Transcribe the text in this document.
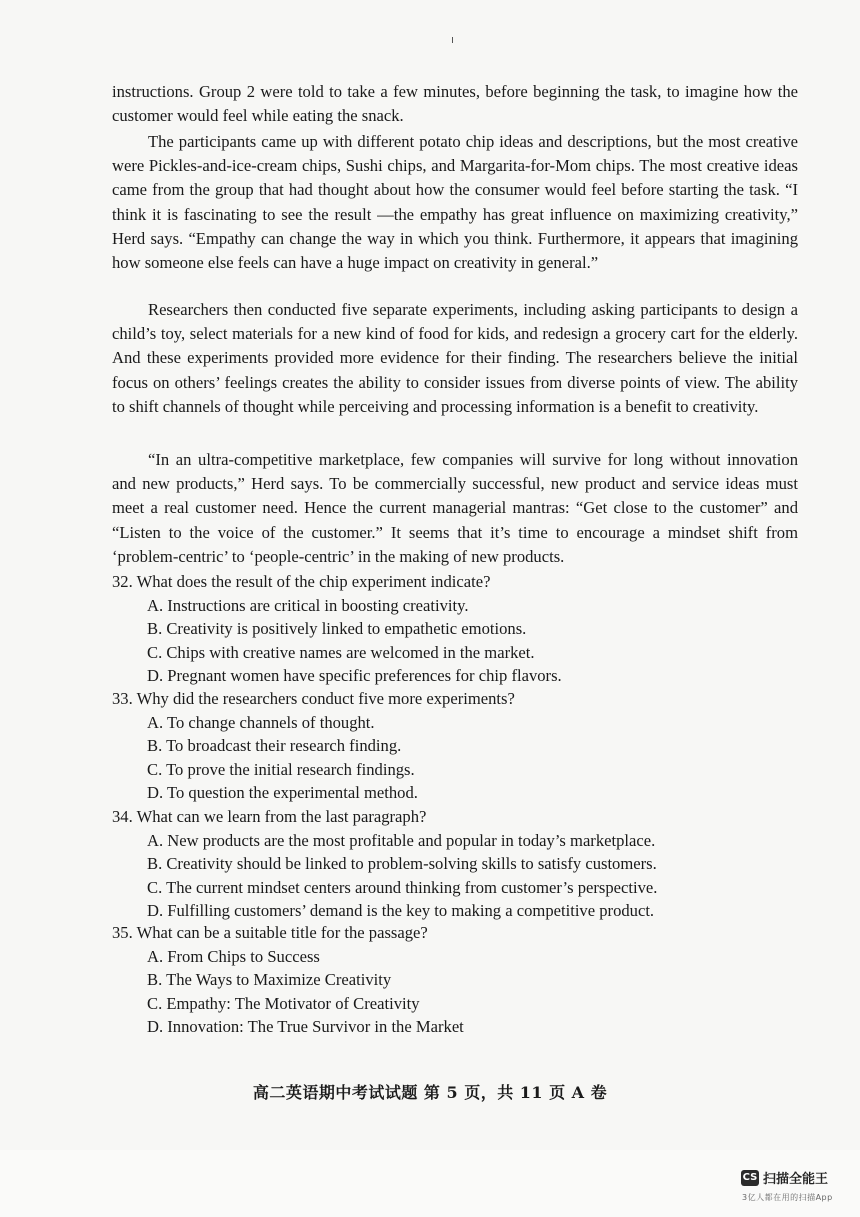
instructions. Group 2 were told to take a few minutes, before beginning the task, to imagine how the customer would feel while eating the snack.

The participants came up with different potato chip ideas and descriptions, but the most creative were Pickles-and-ice-cream chips, Sushi chips, and Margarita-for-Mom chips. The most creative ideas came from the group that had thought about how the consumer would feel before starting the task. “I think it is fascinating to see the result —the empathy has great influence on maximizing creativity,” Herd says. “Empathy can change the way in which you think. Furthermore, it appears that imagining how someone else feels can have a huge impact on creativity in general.”

Researchers then conducted five separate experiments, including asking participants to design a child’s toy, select materials for a new kind of food for kids, and redesign a grocery cart for the elderly. And these experiments provided more evidence for their finding. The researchers believe the initial focus on others’ feelings creates the ability to consider issues from diverse points of view. The ability to shift channels of thought while perceiving and processing information is a benefit to creativity.

“In an ultra-competitive marketplace, few companies will survive for long without innovation and new products,” Herd says. To be commercially successful, new product and service ideas must meet a real customer need. Hence the current managerial mantras: “Get close to the customer” and “Listen to the voice of the customer.” It seems that it’s time to encourage a mindset shift from ‘problem-centric’ to ‘people-centric’ in the making of new products.

32. What does the result of the chip experiment indicate?

A. Instructions are critical in boosting creativity.
B. Creativity is positively linked to empathetic emotions.
C. Chips with creative names are welcomed in the market.
D. Pregnant women have specific preferences for chip flavors.

33. Why did the researchers conduct five more experiments?

A. To change channels of thought.
B. To broadcast their research finding.
C. To prove the initial research findings.
D. To question the experimental method.

34. What can we learn from the last paragraph?

A. New products are the most profitable and popular in today’s marketplace.
B. Creativity should be linked to problem-solving skills to satisfy customers.
C. The current mindset centers around thinking from customer’s perspective.
D. Fulfilling customers’ demand is the key to making a competitive product.

35. What can be a suitable title for the passage?

A. From Chips to Success
B. The Ways to Maximize Creativity
C. Empathy: The Motivator of Creativity
D. Innovation: The True Survivor in the Market
高二英语期中考试试题 第 5 页，共 11 页 A 卷
CS 扫描全能王
3亿人都在用的扫描App
